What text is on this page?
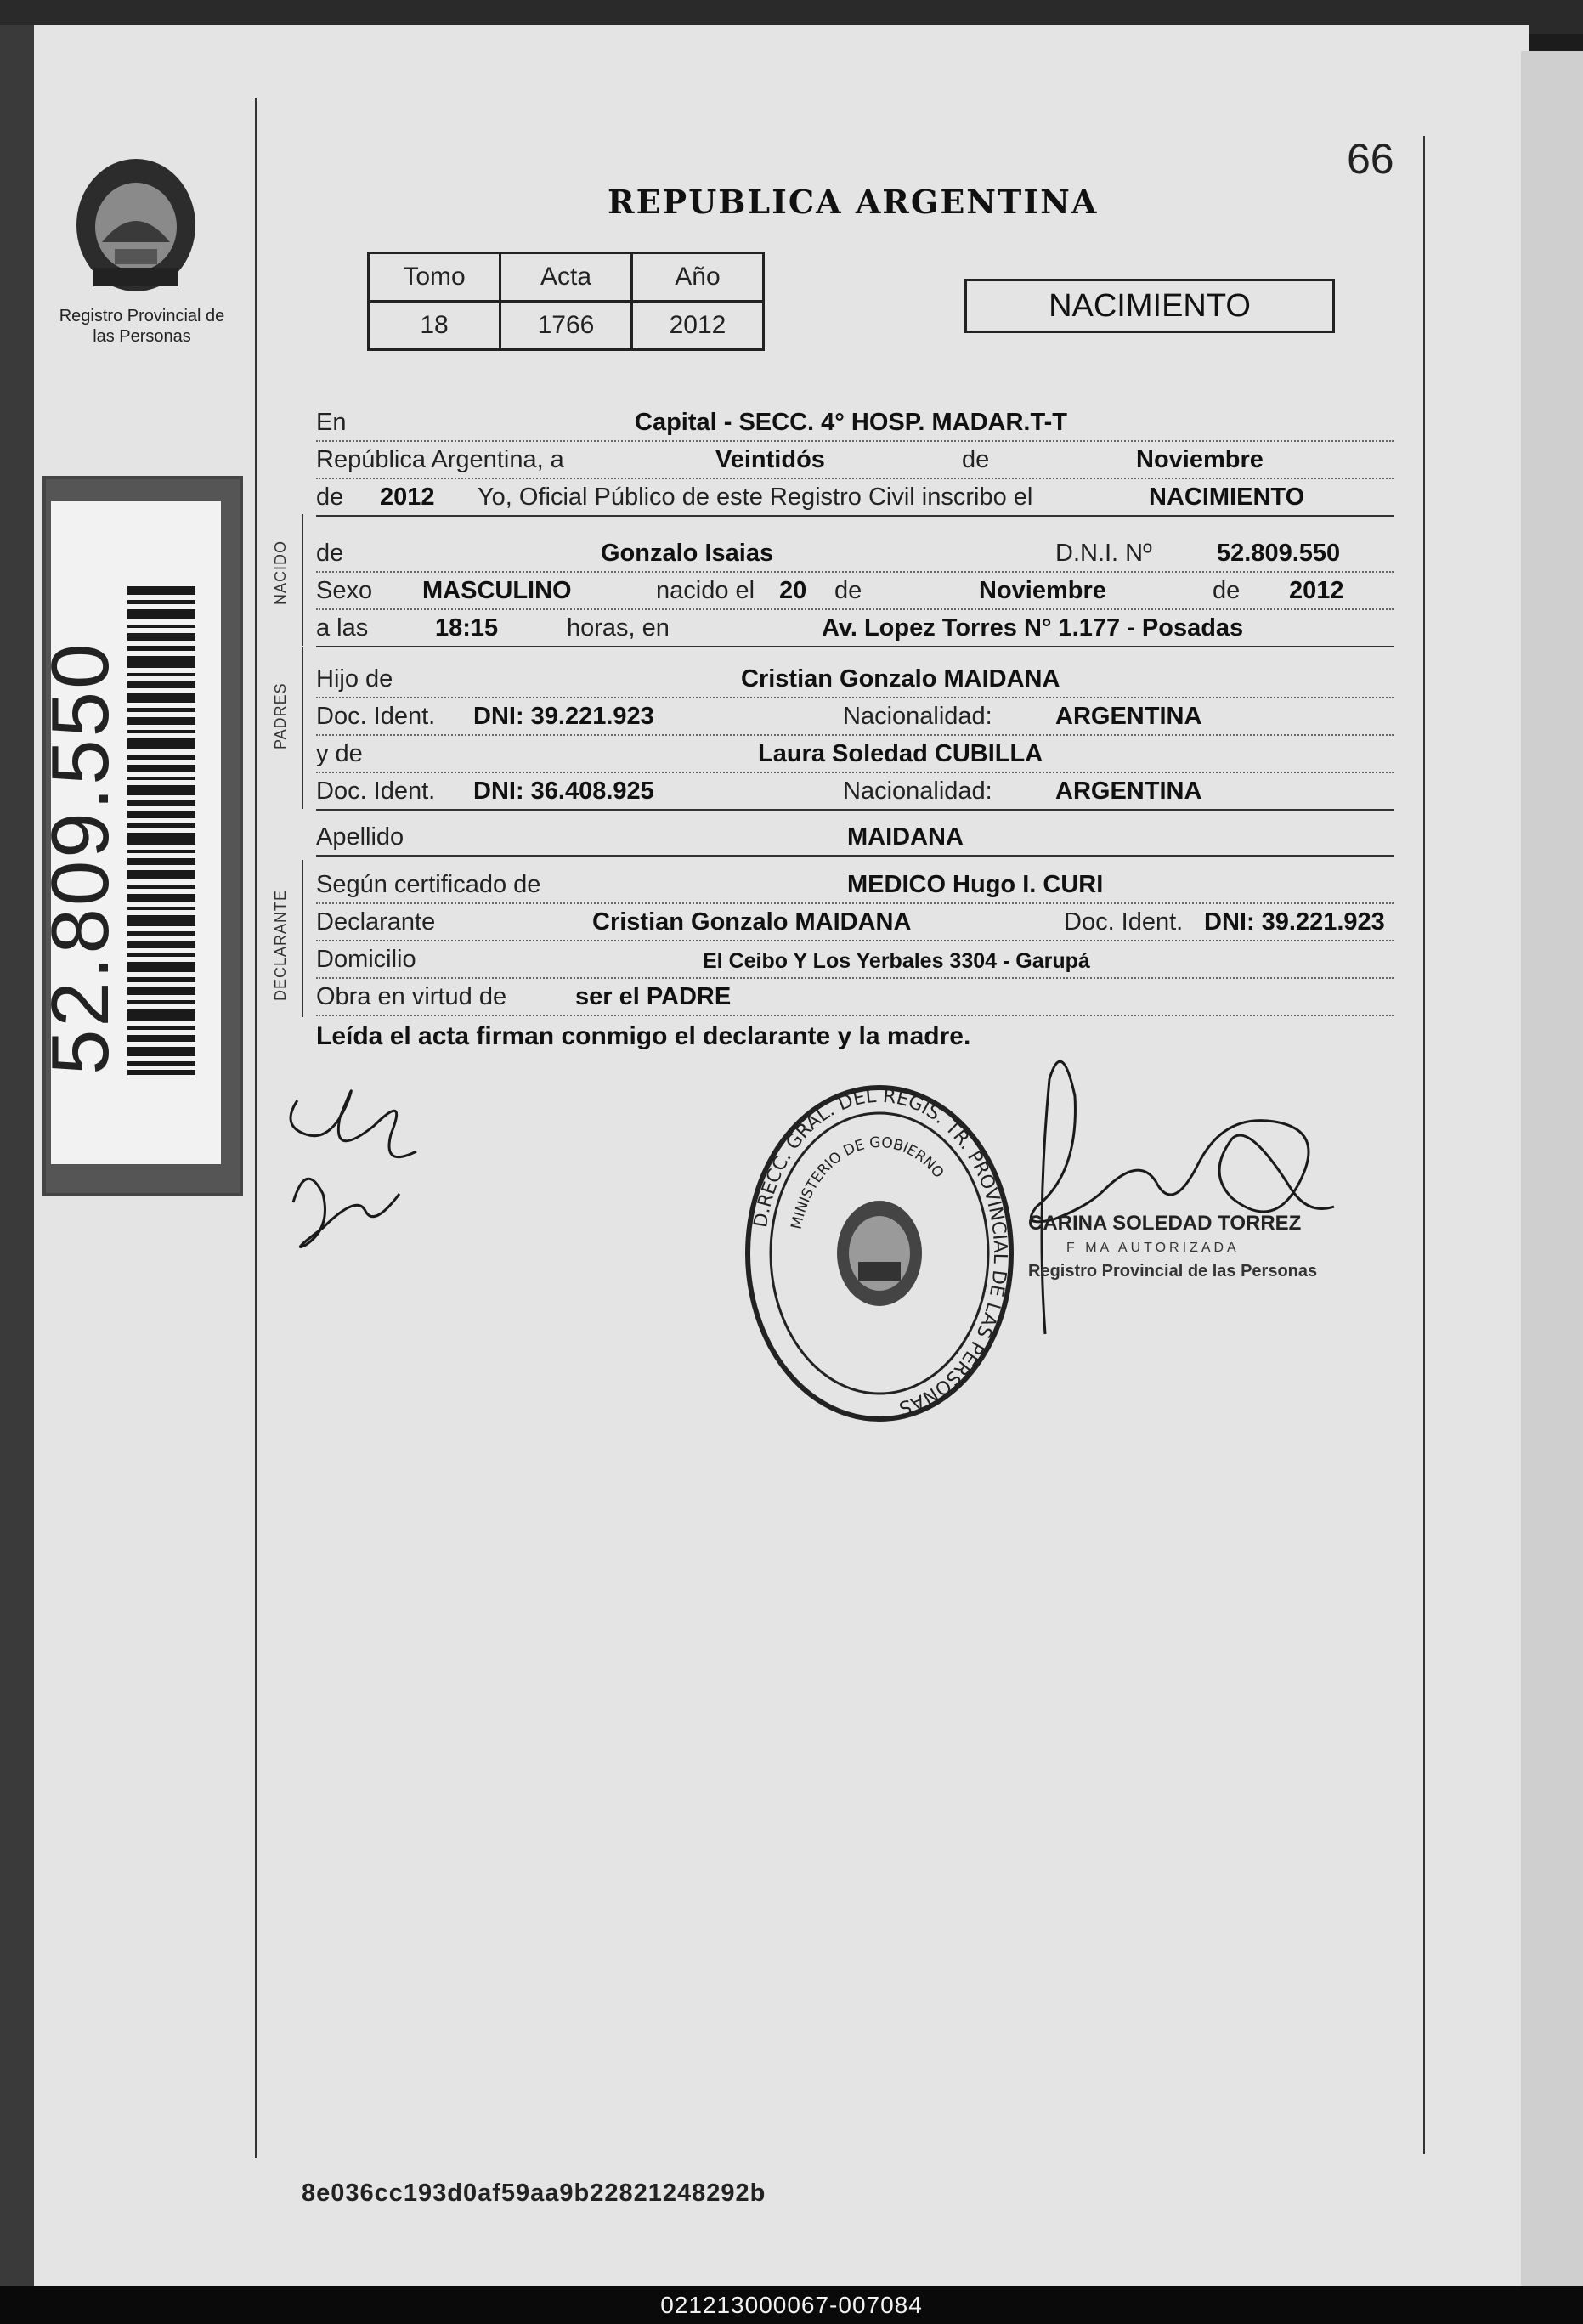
Registro Provincial de las Personas
52.809.550
66
REPUBLICA ARGENTINA
Tomo	Acta	Año
18	1766	2012
NACIMIENTO
NACIDO
PADRES
DECLARANTE
En	Capital - SECC. 4° HOSP. MADAR.T-T
República Argentina, a	Veintidós	de	Noviembre
de 2012 Yo, Oficial Público de este Registro Civil inscribo el	NACIMIENTO
de	Gonzalo Isaias	D.N.I. Nº	52.809.550
Sexo MASCULINO	nacido el 20 de	Noviembre	de 2012
a las	18:15	horas, en	Av. Lopez Torres N° 1.177 - Posadas
Hijo de	Cristian Gonzalo MAIDANA
Doc. Ident. DNI: 39.221.923	Nacionalidad:	ARGENTINA
y de	Laura Soledad CUBILLA
Doc. Ident. DNI: 36.408.925	Nacionalidad:	ARGENTINA
Apellido	MAIDANA
Según certificado de	MEDICO Hugo I. CURI
Declarante	Cristian Gonzalo MAIDANA	Doc. Ident. DNI: 39.221.923
Domicilio	El Ceibo Y Los Yerbales 3304 - Garupá
Obra en virtud de	ser el PADRE
Leída el acta firman conmigo el declarante y la madre.
D.RECC. GRAL. DEL REGIS. TR. PROVINCIAL DE LAS PERSONAS
MINISTERIO DE GOBIERNO
CARINA SOLEDAD TORREZ
F MA AUTORIZADA
Registro Provincial de las Personas
8e036cc193d0af59aa9b22821248292b
021213000067-007084
